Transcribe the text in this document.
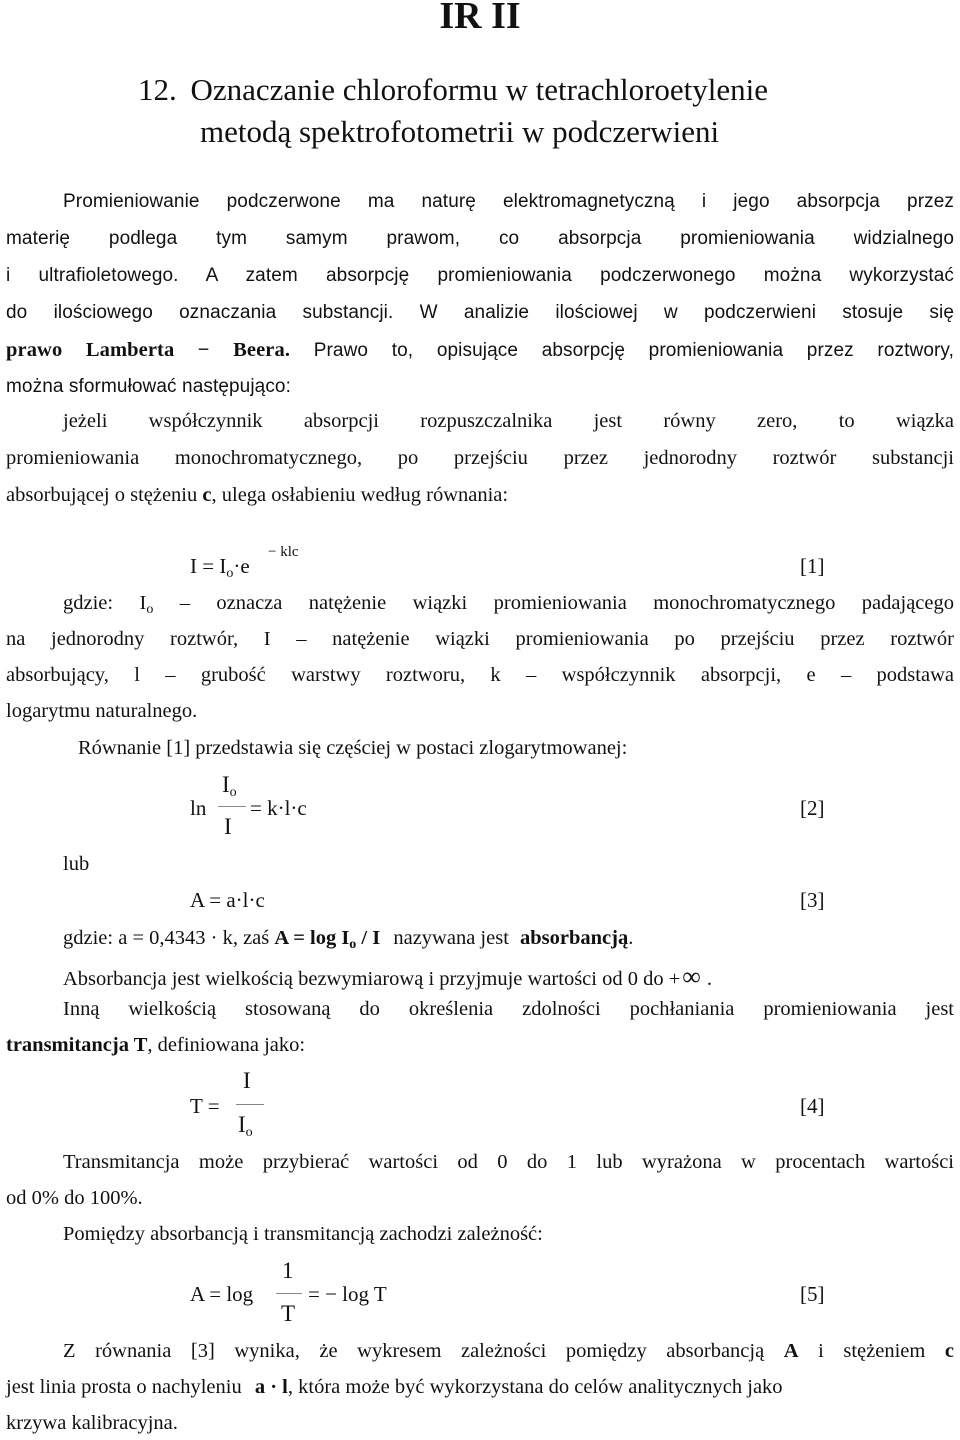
IR II
12. Oznaczanie chloroformu w tetrachloroetylenie
metodą spektrofotometrii w podczerwieni
Promieniowanie podczerwone ma naturę elektromagnetyczną i jego absorpcja przez
materię podlega tym samym prawom, co absorpcja promieniowania widzialnego
i ultrafioletowego. A zatem absorpcję promieniowania podczerwonego można wykorzystać
do ilościowego oznaczania substancji. W analizie ilościowej w podczerwieni stosuje się
prawo Lamberta − Beera. Prawo to, opisujące absorpcję promieniowania przez roztwory,
można sformułować następująco:
jeżeli współczynnik absorpcji rozpuszczalnika jest równy zero, to wiązka
promieniowania monochromatycznego, po przejściu przez jednorodny roztwór substancji
absorbującej o stężeniu c, ulega osłabieniu według równania:
$I = I_o\cdot e$
− klc
[1]
gdzie: $I_o$ – oznacza natężenie wiązki promieniowania monochromatycznego padającego
na jednorodny roztwór, I – natężenie wiązki promieniowania po przejściu przez roztwór
absorbujący, l – grubość warstwy roztworu, k – współczynnik absorpcji, e – podstawa
logarytmu naturalnego.
Równanie [1] przedstawia się częściej w postaci zlogarytmowanej:
ln
$I_o$
I
= k·l·c	[2]
lub
A = a·l·c	[3]
gdzie: a = 0,4343 · k, zaś $A = \log I_o / I$ nazywana jest absorbancją.
Absorbancja jest wielkością bezwymiarową i przyjmuje wartości od 0 do +∞ .
Inną wielkością stosowaną do określenia zdolności pochłaniania promieniowania jest
transmitancja T, definiowana jako:
T =
I
$I_o$
[4]
Transmitancja może przybierać wartości od 0 do 1 lub wyrażona w procentach wartości
od 0% do 100%.
Pomiędzy absorbancją i transmitancją zachodzi zależność:
A = log
1
T
= − log T	[5]
Z równania [3] wynika, że wykresem zależności pomiędzy absorbancją A i stężeniem c
jest linia prosta o nachyleniu a · l, która może być wykorzystana do celów analitycznych jako
krzywa kalibracyjna.
